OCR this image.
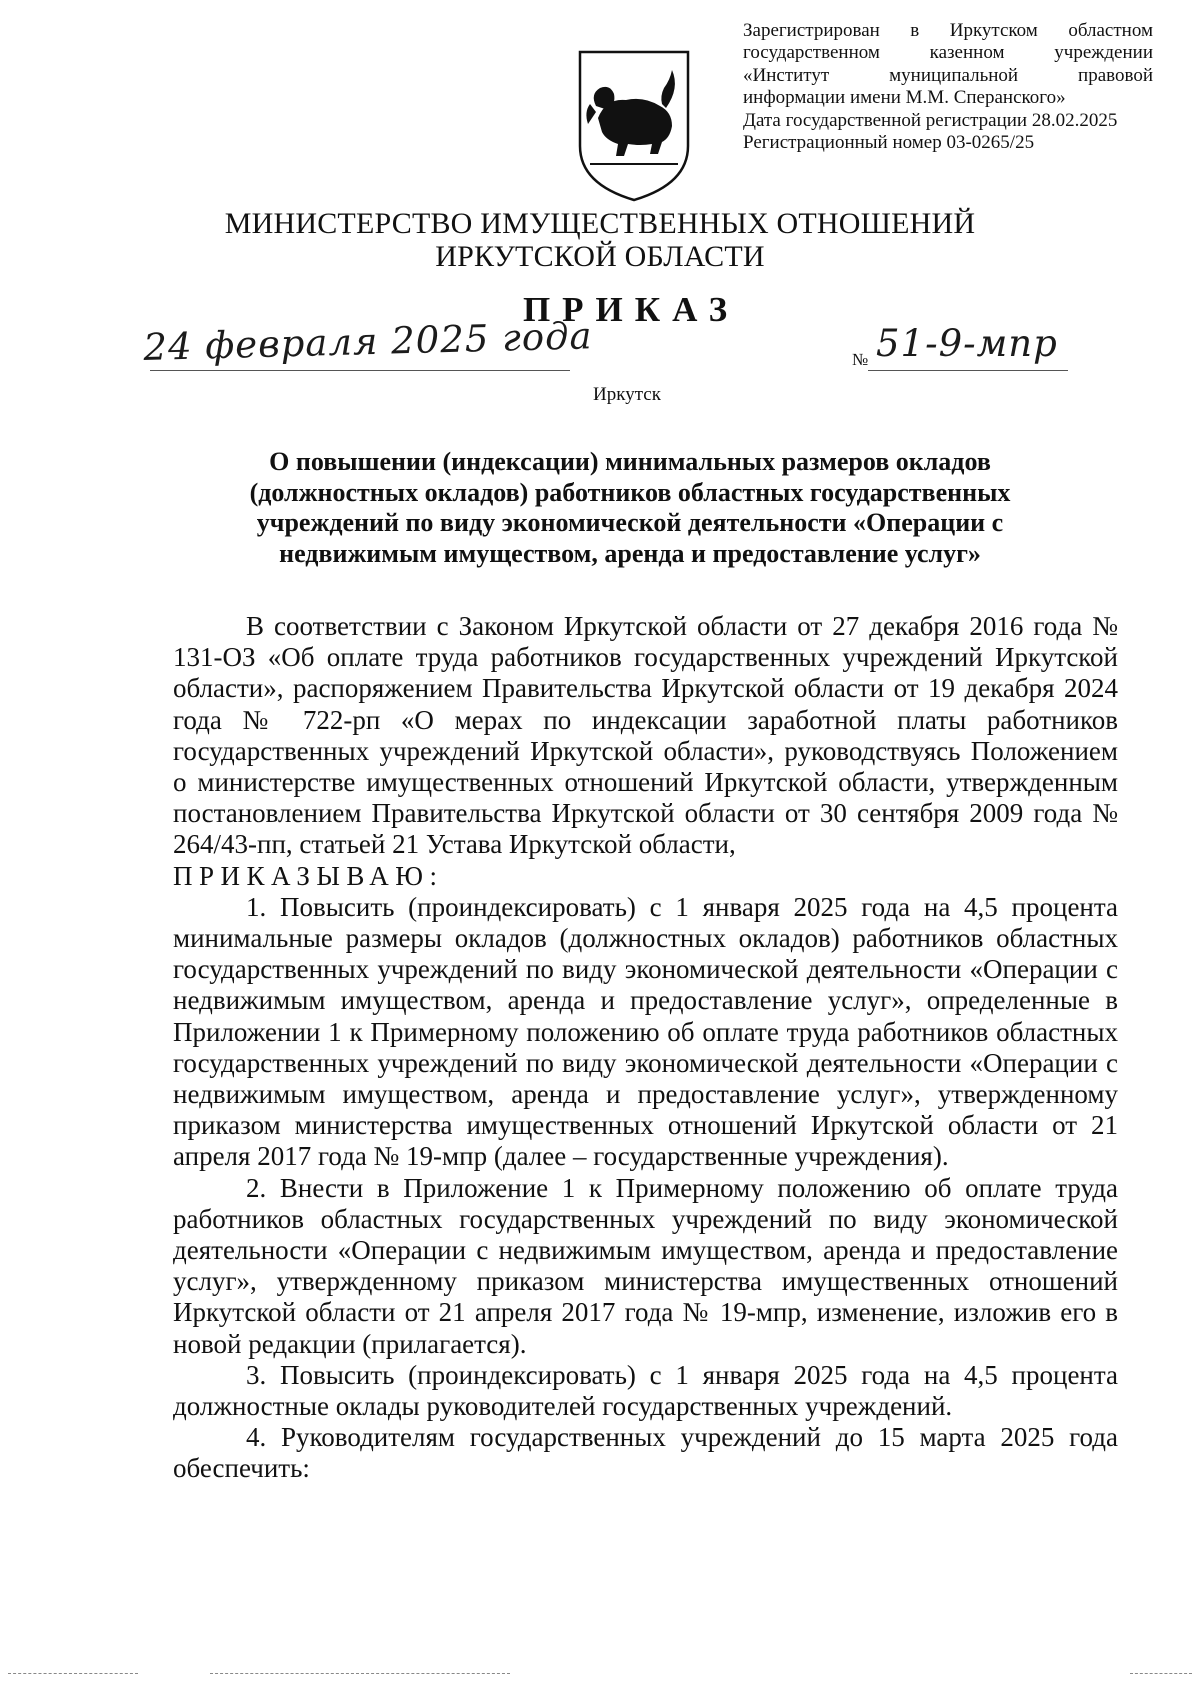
Зарегистрирован в Иркутском областном
государственном казенном учреждении
«Институт муниципальной правовой
информации имени М.М. Сперанского»
Дата государственной регистрации 28.02.2025
Регистрационный номер 03-0265/25
МИНИСТЕРСТВО ИМУЩЕСТВЕННЫХ ОТНОШЕНИЙ
ИРКУТСКОЙ ОБЛАСТИ
ПРИКАЗ
24 февраля 2025 года	№ 51-9-мпр
Иркутск
О повышении (индексации) минимальных размеров окладов
(должностных окладов) работников областных государственных
учреждений по виду экономической деятельности «Операции с
недвижимым имуществом, аренда и предоставление услуг»

В соответствии с Законом Иркутской области от 27 декабря 2016 года № 131-ОЗ «Об оплате труда работников государственных учреждений Иркутской области», распоряжением Правительства Иркутской области от 19 декабря 2024 года № 722-рп «О мерах по индексации заработной платы работников государственных учреждений Иркутской области», руководствуясь Положением о министерстве имущественных отношений Иркутской области, утвержденным постановлением Правительства Иркутской области от 30 сентября 2009 года № 264/43-пп, статьей 21 Устава Иркутской области,

ПРИКАЗЫВАЮ:

1. Повысить (проиндексировать) с 1 января 2025 года на 4,5 процента минимальные размеры окладов (должностных окладов) работников областных государственных учреждений по виду экономической деятельности «Операции с недвижимым имуществом, аренда и предоставление услуг», определенные в Приложении 1 к Примерному положению об оплате труда работников областных государственных учреждений по виду экономической деятельности «Операции с недвижимым имуществом, аренда и предоставление услуг», утвержденному приказом министерства имущественных отношений Иркутской области от 21 апреля 2017 года № 19-мпр (далее – государственные учреждения).

2. Внести в Приложение 1 к Примерному положению об оплате труда работников областных государственных учреждений по виду экономической деятельности «Операции с недвижимым имуществом, аренда и предоставление услуг», утвержденному приказом министерства имущественных отношений Иркутской области от 21 апреля 2017 года № 19-мпр, изменение, изложив его в новой редакции (прилагается).

3. Повысить (проиндексировать) с 1 января 2025 года на 4,5 процента должностные оклады руководителей государственных учреждений.

4. Руководителям государственных учреждений до 15 марта 2025 года обеспечить:
